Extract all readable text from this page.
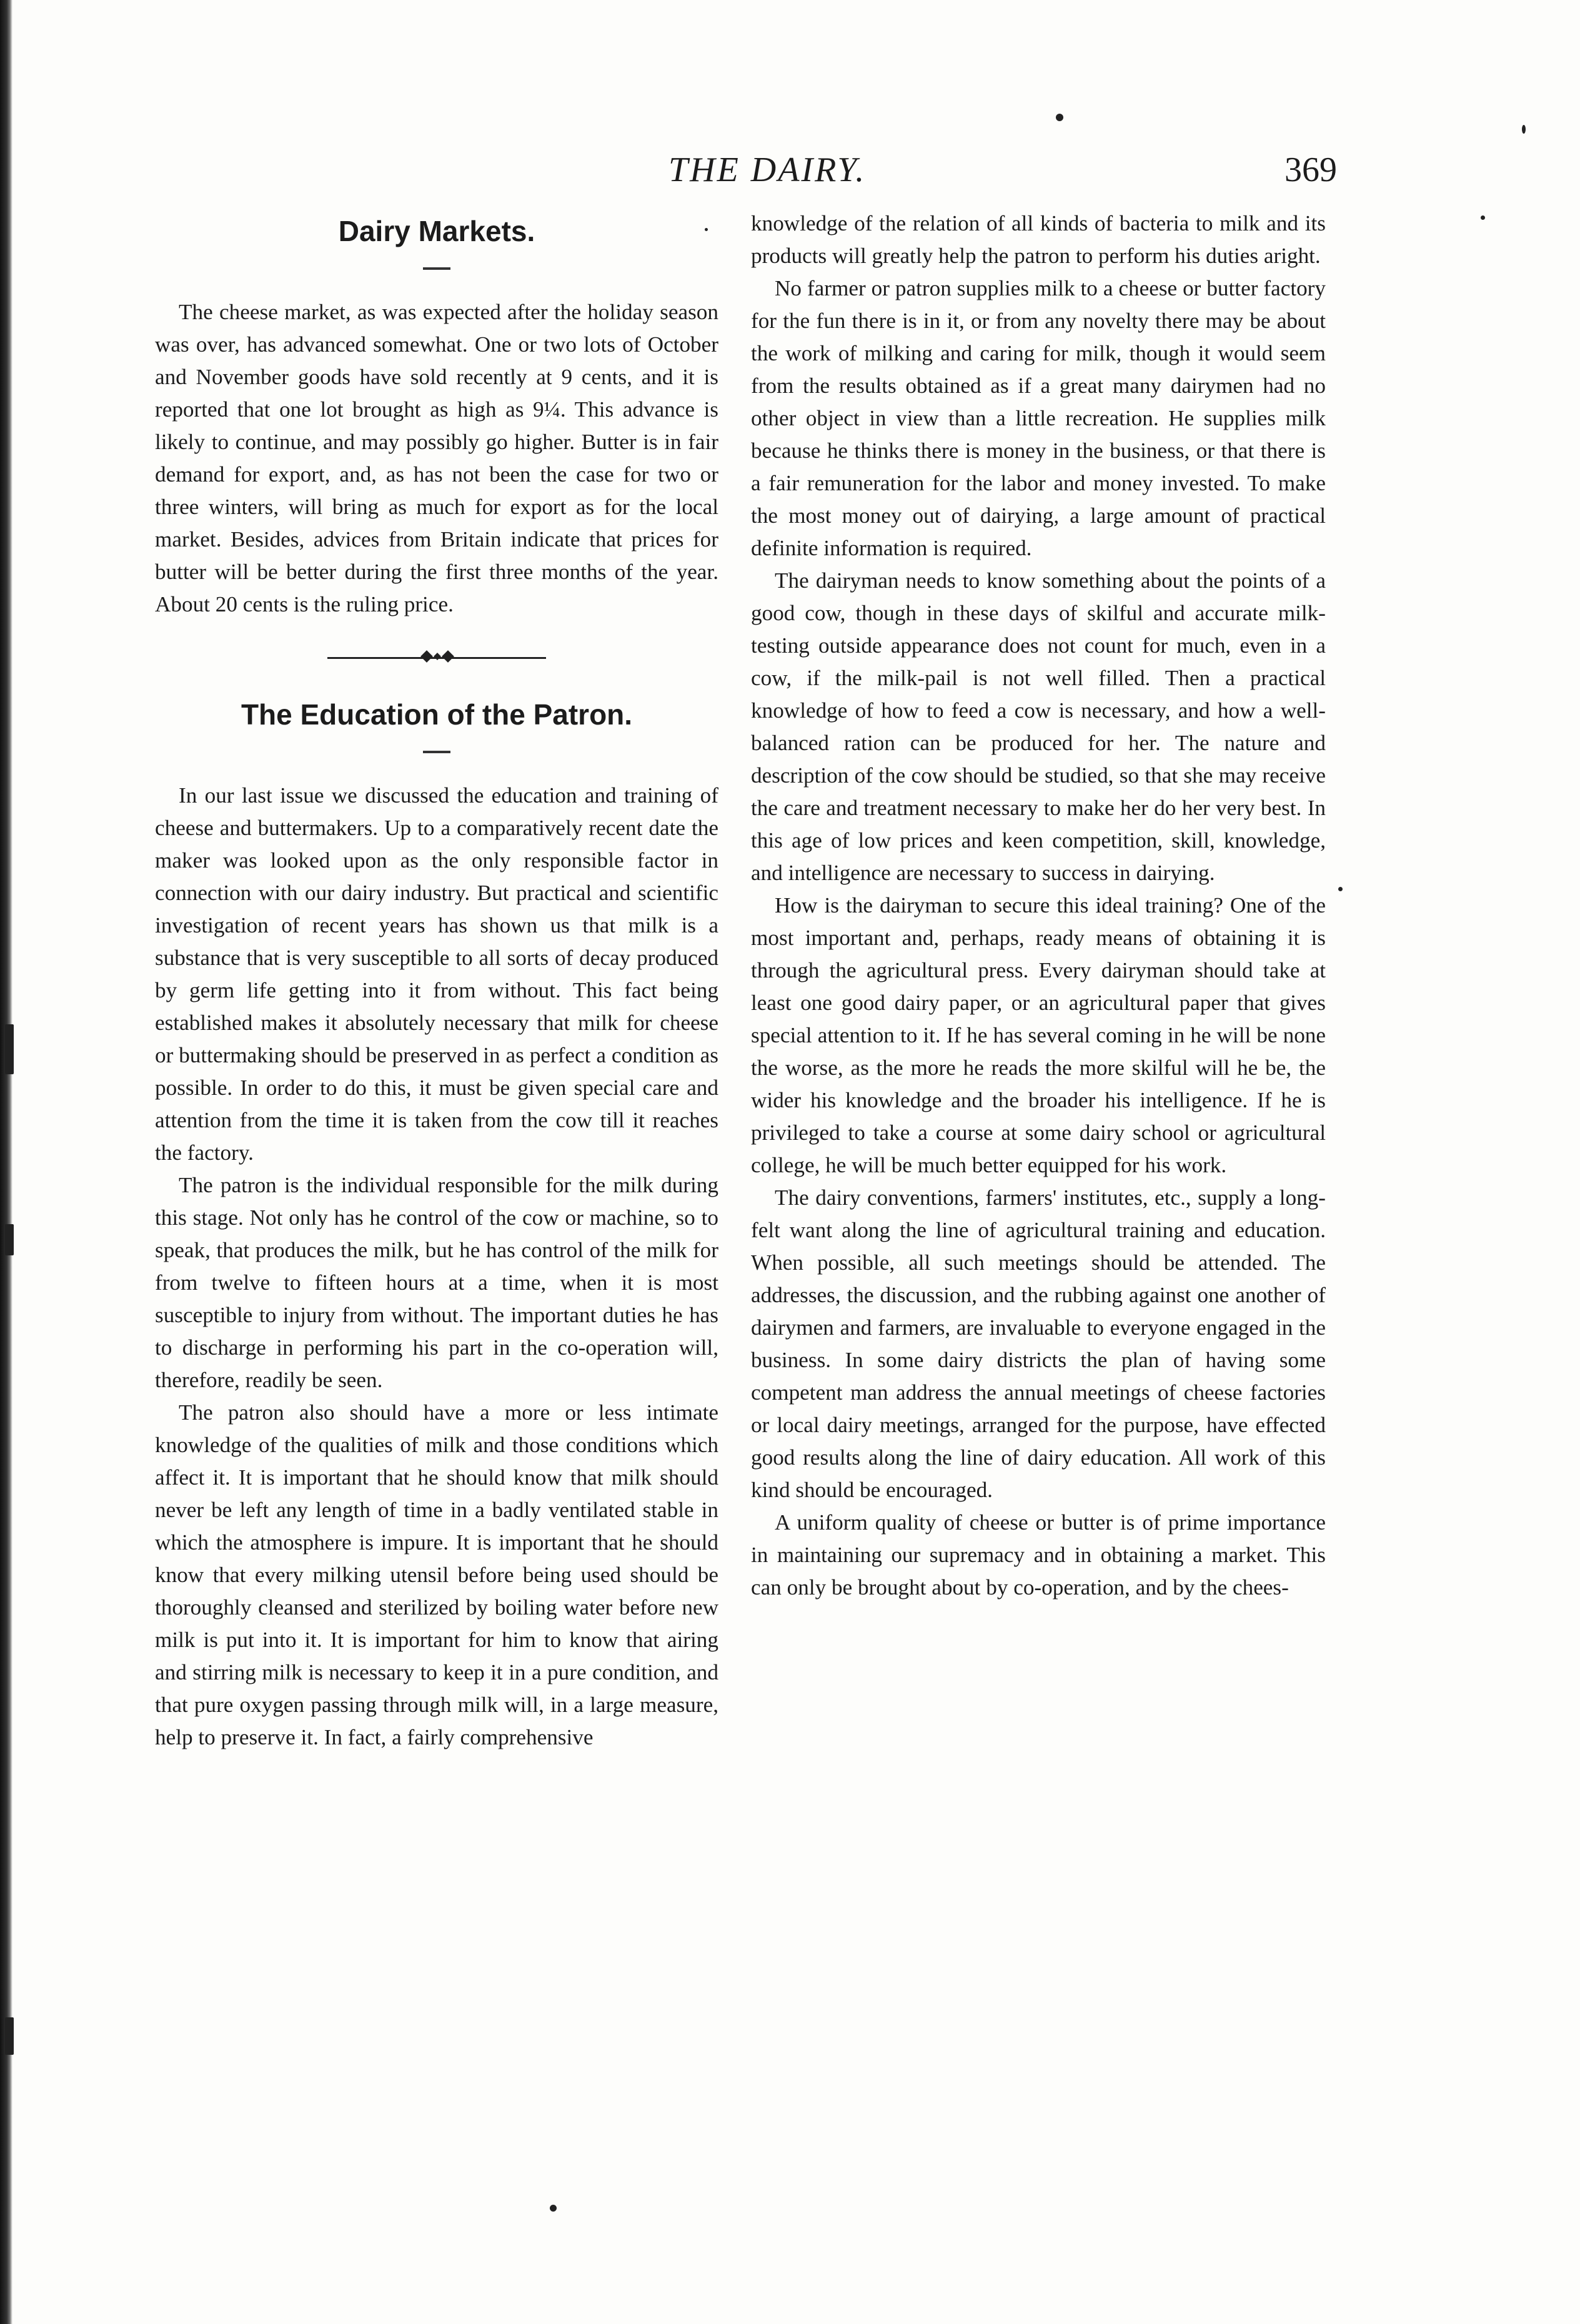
THE DAIRY.	369
Dairy Markets.

The cheese market, as was expected after the holiday season was over, has advanced somewhat. One or two lots of October and November goods have sold recently at 9 cents, and it is reported that one lot brought as high as 9¼. This advance is likely to continue, and may possibly go higher. Butter is in fair demand for export, and, as has not been the case for two or three winters, will bring as much for export as for the local market. Besides, advices from Britain indicate that prices for butter will be better during the first three months of the year. About 20 cents is the ruling price.

The Education of the Patron.

In our last issue we discussed the education and training of cheese and buttermakers. Up to a comparatively recent date the maker was looked upon as the only responsible factor in connection with our dairy industry. But practical and scientific investigation of recent years has shown us that milk is a substance that is very susceptible to all sorts of decay produced by germ life getting into it from without. This fact being established makes it absolutely necessary that milk for cheese or buttermaking should be preserved in as perfect a condition as possible. In order to do this, it must be given special care and attention from the time it is taken from the cow till it reaches the factory.

The patron is the individual responsible for the milk during this stage. Not only has he control of the cow or machine, so to speak, that produces the milk, but he has control of the milk for from twelve to fifteen hours at a time, when it is most susceptible to injury from without. The important duties he has to discharge in performing his part in the co-operation will, therefore, readily be seen.

The patron also should have a more or less intimate knowledge of the qualities of milk and those conditions which affect it. It is important that he should know that milk should never be left any length of time in a badly ventilated stable in which the atmosphere is impure. It is important that he should know that every milking utensil before being used should be thoroughly cleansed and sterilized by boiling water before new milk is put into it. It is important for him to know that airing and stirring milk is necessary to keep it in a pure condition, and that pure oxygen passing through milk will, in a large measure, help to preserve it. In fact, a fairly comprehensive

knowledge of the relation of all kinds of bacteria to milk and its products will greatly help the patron to perform his duties aright.

No farmer or patron supplies milk to a cheese or butter factory for the fun there is in it, or from any novelty there may be about the work of milking and caring for milk, though it would seem from the results obtained as if a great many dairymen had no other object in view than a little recreation. He supplies milk because he thinks there is money in the business, or that there is a fair remuneration for the labor and money invested. To make the most money out of dairying, a large amount of practical definite information is required.

The dairyman needs to know something about the points of a good cow, though in these days of skilful and accurate milk-testing outside appearance does not count for much, even in a cow, if the milk-pail is not well filled. Then a practical knowledge of how to feed a cow is necessary, and how a well-balanced ration can be produced for her. The nature and description of the cow should be studied, so that she may receive the care and treatment necessary to make her do her very best. In this age of low prices and keen competition, skill, knowledge, and intelligence are necessary to success in dairying.

How is the dairyman to secure this ideal training? One of the most important and, perhaps, ready means of obtaining it is through the agricultural press. Every dairyman should take at least one good dairy paper, or an agricultural paper that gives special attention to it. If he has several coming in he will be none the worse, as the more he reads the more skilful will he be, the wider his knowledge and the broader his intelligence. If he is privileged to take a course at some dairy school or agricultural college, he will be much better equipped for his work.

The dairy conventions, farmers' institutes, etc., supply a long-felt want along the line of agricultural training and education. When possible, all such meetings should be attended. The addresses, the discussion, and the rubbing against one another of dairymen and farmers, are invaluable to everyone engaged in the business. In some dairy districts the plan of having some competent man address the annual meetings of cheese factories or local dairy meetings, arranged for the purpose, have effected good results along the line of dairy education. All work of this kind should be encouraged.

A uniform quality of cheese or butter is of prime importance in maintaining our supremacy and in obtaining a market. This can only be brought about by co-operation, and by the chees-
